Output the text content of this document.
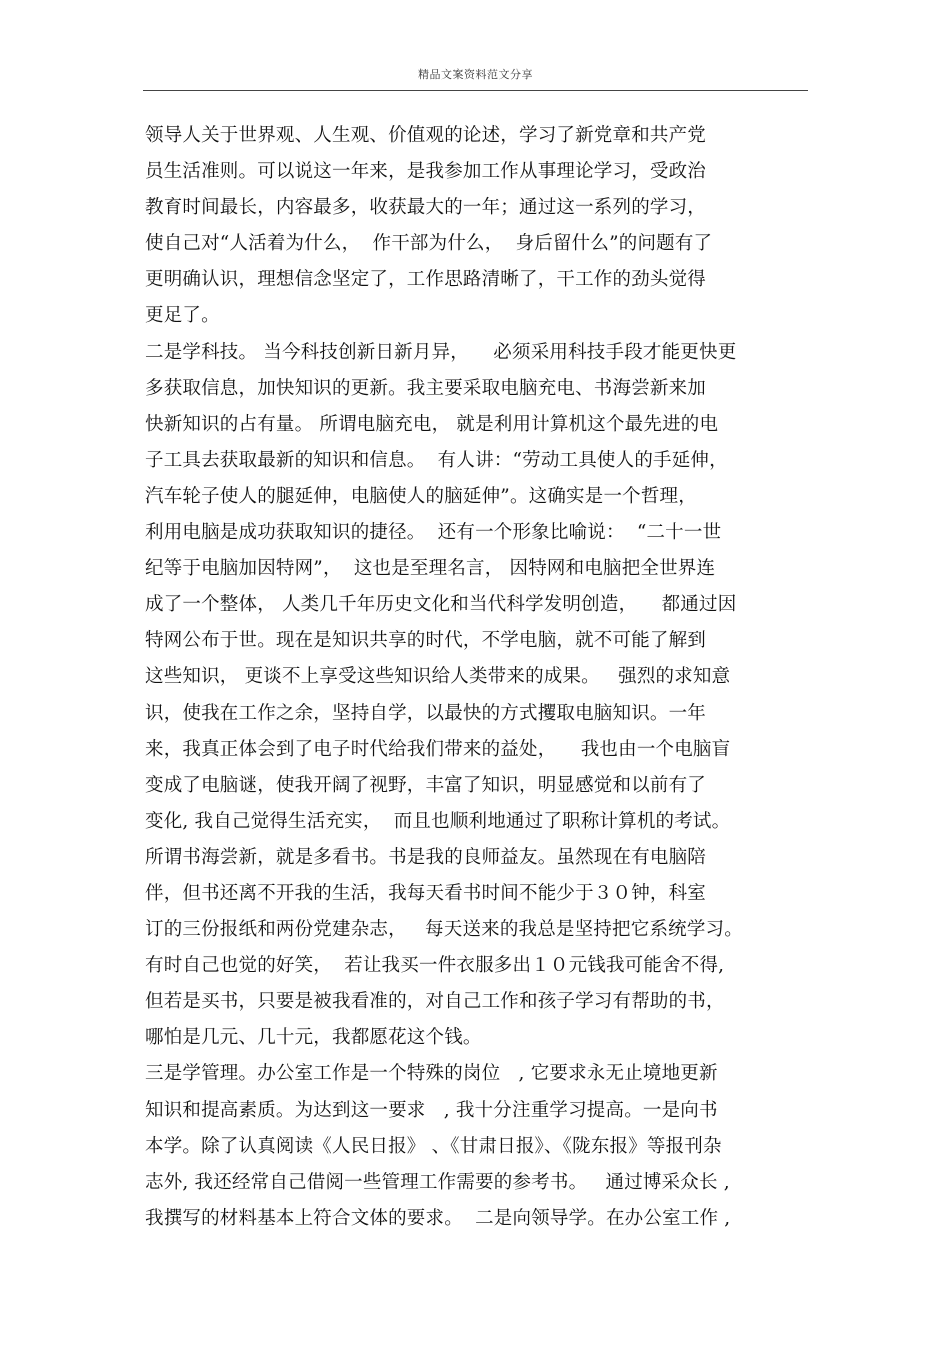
精品文案资料范文分享
领导人关于世界观、人生观、价值观的论述，学习了新党章和共产党
员生活准则。可以说这一年来，是我参加工作从事理论学习，受政治
教育时间最长，内容最多，收获最大的一年；通过这一系列的学习，
使自己对“人活着为什么，  作干部为什么，  身后留什么”的问题有了
更明确认识，理想信念坚定了，工作思路清晰了，干工作的劲头觉得
更足了。
二是学科技。 当今科技创新日新月异，    必须采用科技手段才能更快更
多获取信息，加快知识的更新。我主要采取电脑充电、书海尝新来加
快新知识的占有量。 所谓电脑充电， 就是利用计算机这个最先进的电
子工具去获取最新的知识和信息。  有人讲：“劳动工具使人的手延伸，
汽车轮子使人的腿延伸，电脑使人的脑延伸”。这确实是一个哲理，
利用电脑是成功获取知识的捷径。  还有一个形象比喻说：  “二十一世
纪等于电脑加因特网”，  这也是至理名言， 因特网和电脑把全世界连
成了一个整体， 人类几千年历史文化和当代科学发明创造，    都通过因
特网公布于世。现在是知识共享的时代，不学电脑，就不可能了解到
这些知识， 更谈不上享受这些知识给人类带来的成果。   强烈的求知意
识，使我在工作之余，坚持自学，以最快的方式攫取电脑知识。一年
来，我真正体会到了电子时代给我们带来的益处，    我也由一个电脑盲
变成了电脑谜，使我开阔了视野，丰富了知识，明显感觉和以前有了
变化, 我自己觉得生活充实，  而且也顺利地通过了职称计算机的考试。
所谓书海尝新，就是多看书。书是我的良师益友。虽然现在有电脑陪
伴，但书还离不开我的生活，我每天看书时间不能少于３０钟，科室
订的三份报纸和两份党建杂志，   每天送来的我总是坚持把它系统学习。
有时自己也觉的好笑，  若让我买一件衣服多出１０元钱我可能舍不得,
但若是买书，只要是被我看准的，对自己工作和孩子学习有帮助的书，
哪怕是几元、几十元，我都愿花这个钱。
三是学管理。办公室工作是一个特殊的岗位   , 它要求永无止境地更新
知识和提高素质。为达到这一要求   , 我十分注重学习提高。一是向书
本学。除了认真阅读《人民日报》 、《甘肃日报》、《陇东报》等报刊杂
志外, 我还经常自己借阅一些管理工作需要的参考书。   通过博采众长 ,
我撰写的材料基本上符合文体的要求。  二是向领导学。在办公室工作 ,
